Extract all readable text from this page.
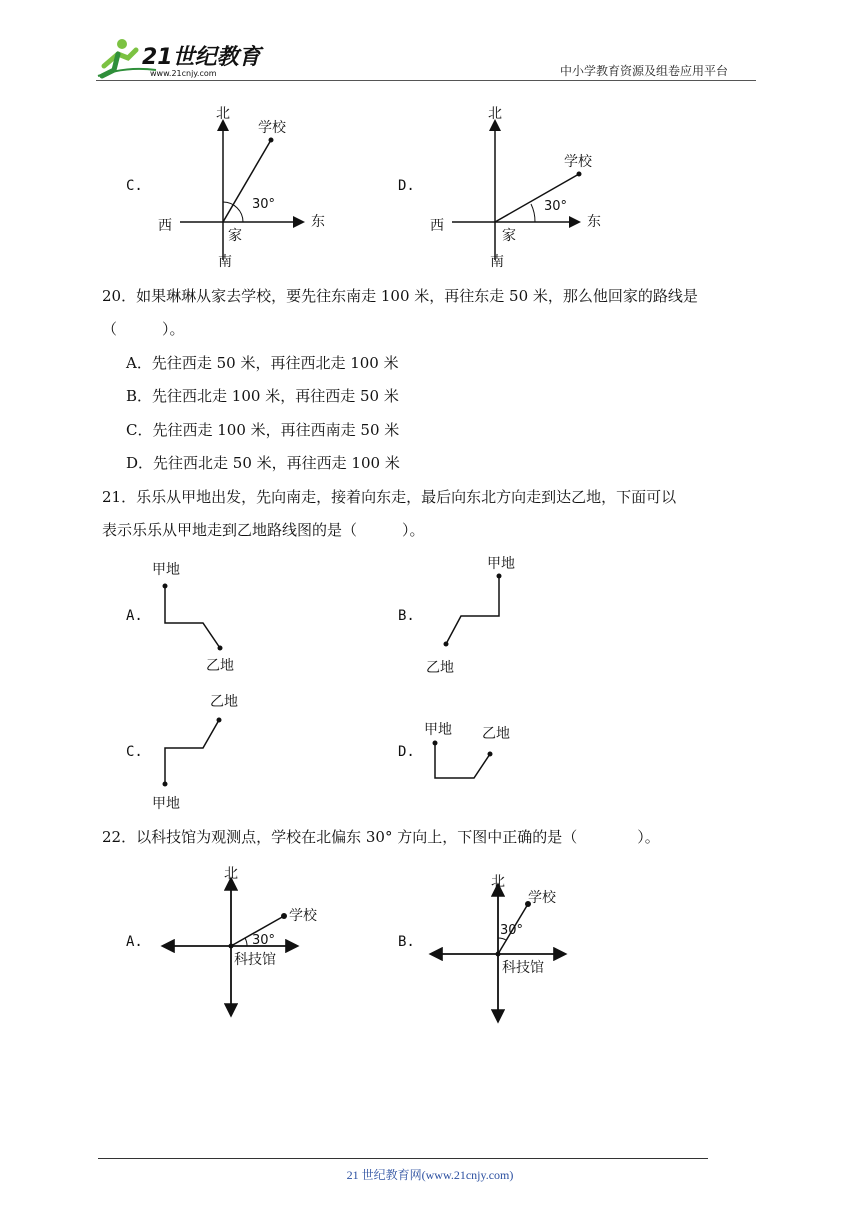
21世纪教育
www.21cnjy.com	中小学教育资源及组卷应用平台
C.
北
学校
30°
东
西
家
南
D.
北
学校
30°
东
西
家
南
20．如果琳琳从家去学校，要先往东南走 100 米，再往东走 50 米，那么他回家的路线是
（　　　）。
A．先往西走 50 米，再往西北走 100 米
B．先往西北走 100 米，再往西走 50 米
C．先往西走 100 米，再往西南走 50 米
D．先往西北走 50 米，再往西走 100 米
21．乐乐从甲地出发，先向南走，接着向东走，最后向东北方向走到达乙地，下面可以
表示乐乐从甲地走到乙地路线图的是（　　　）。
A.
甲地
乙地
B.
甲地
乙地
C.
乙地
甲地
D.
甲地 乙地
22．以科技馆为观测点，学校在北偏东 30° 方向上，下图中正确的是（　　　　）。
A.
北
学校
30°
科技馆
B.
北
学校
30°
科技馆
21 世纪教育网(www.21cnjy.com)
